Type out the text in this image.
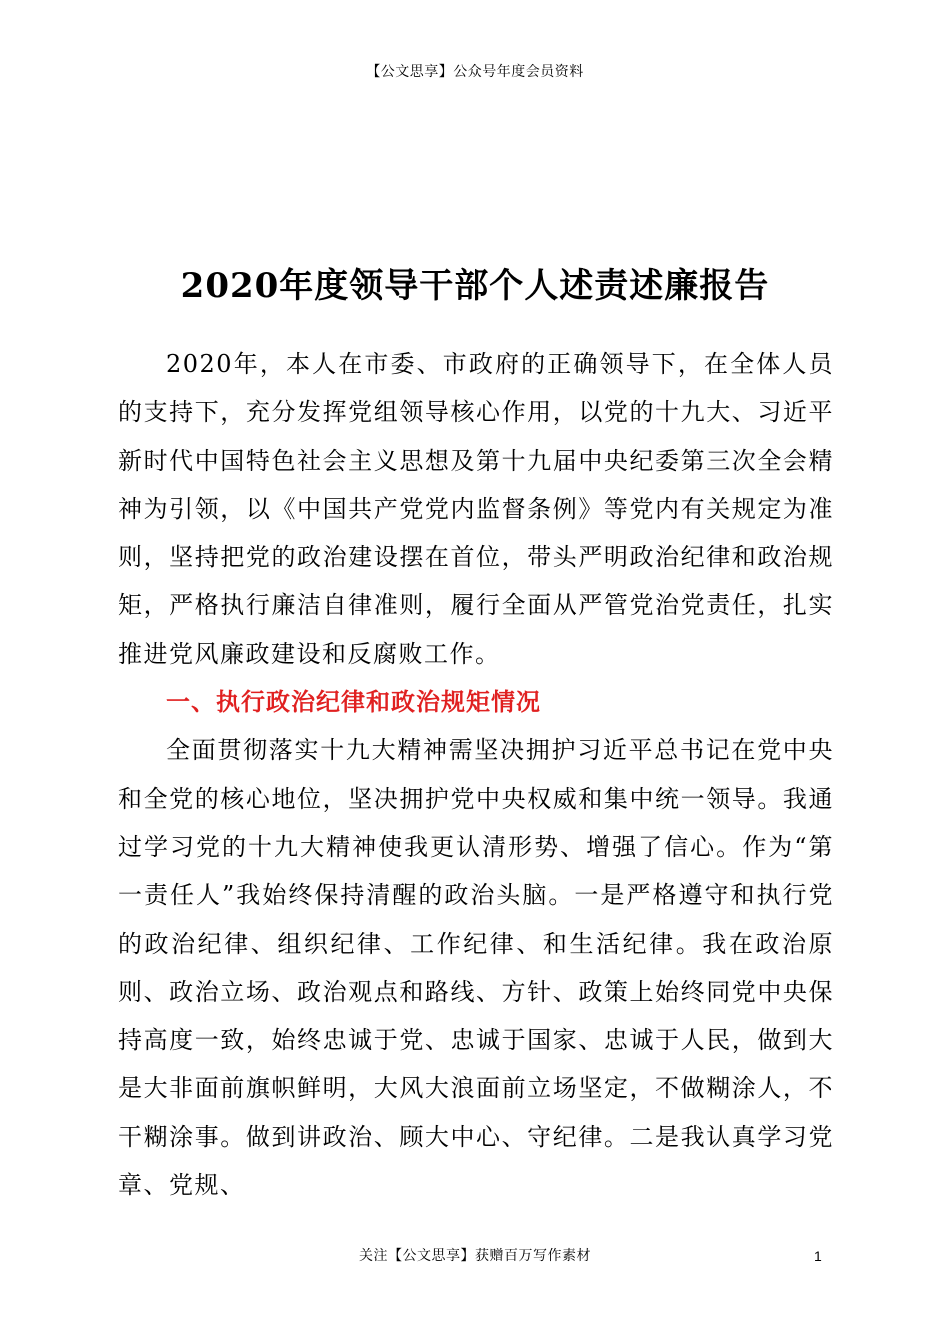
【公文思享】公众号年度会员资料
2020年度领导干部个人述责述廉报告

2020年，本人在市委、市政府的正确领导下，在全体人员的支持下，充分发挥党组领导核心作用，以党的十九大、习近平新时代中国特色社会主义思想及第十九届中央纪委第三次全会精神为引领，以《中国共产党党内监督条例》等党内有关规定为准则，坚持把党的政治建设摆在首位，带头严明政治纪律和政治规矩，严格执行廉洁自律准则，履行全面从严管党治党责任，扎实推进党风廉政建设和反腐败工作。

一、执行政治纪律和政治规矩情况

全面贯彻落实十九大精神需坚决拥护习近平总书记在党中央和全党的核心地位，坚决拥护党中央权威和集中统一领导。我通过学习党的十九大精神使我更认清形势、增强了信心。作为“第一责任人”我始终保持清醒的政治头脑。一是严格遵守和执行党的政治纪律、组织纪律、工作纪律、和生活纪律。我在政治原则、政治立场、政治观点和路线、方针、政策上始终同党中央保持高度一致，始终忠诚于党、忠诚于国家、忠诚于人民，做到大是大非面前旗帜鲜明，大风大浪面前立场坚定，不做糊涂人，不干糊涂事。做到讲政治、顾大中心、守纪律。二是我认真学习党章、党规、

关注【公文思享】获赠百万写作素材	1
